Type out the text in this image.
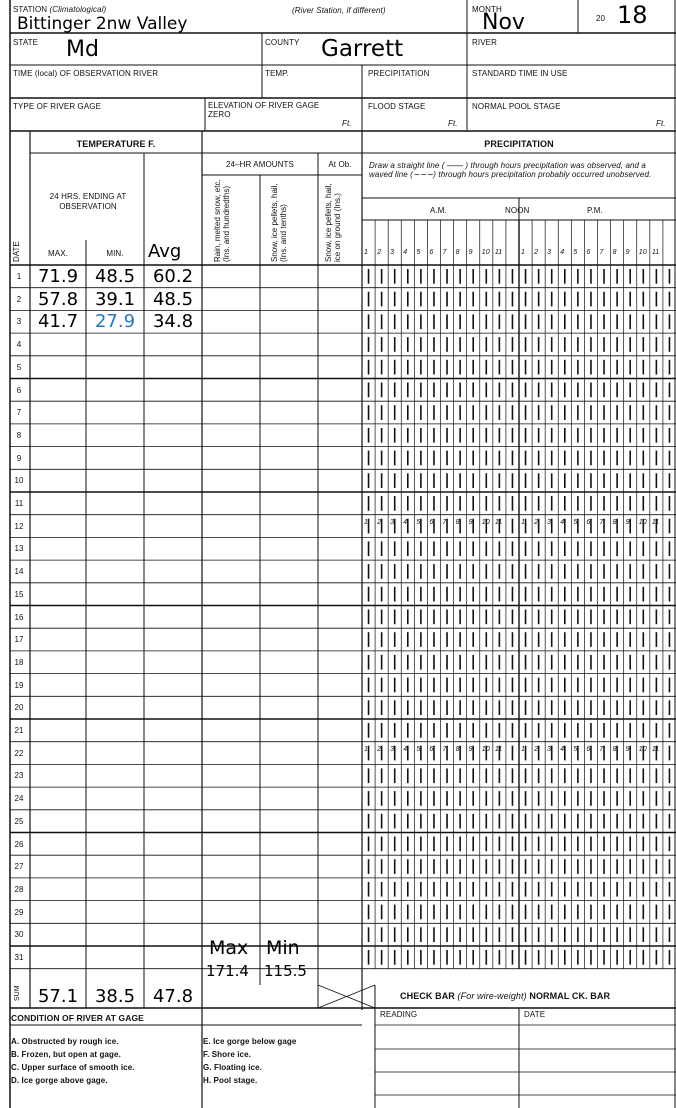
STATION (Climatological)
Bittinger 2nw Valley
(River Station, if different)	MONTH
Nov	20 18
STATE Md	COUNTY Garrett	RIVER
TIME (local) OF OBSERVATION RIVER	TEMP.	PRECIPITATION	STANDARD TIME IN USE
TYPE OF RIVER GAGE	ELEVATION OF RIVER GAGE ZERO
Ft.
FLOOD STAGE
Ft.
NORMAL POOL STAGE
Ft.
TEMPERATURE F.	PRECIPITATION
24 HRS. ENDING AT OBSERVATION
DATE	MAX.	MIN.	Avg
24–HR AMOUNTS	At Ob.
Rain, melted snow, etc. (Ins. and hundredths)	Snow, ice pellets, hail, (Ins. and tenths)	Snow, ice pellets, hail, ice on ground (Ins.)
Draw a straight line ( —— ) through hours precipitation was observed, and a waved line (∼∼∼) through hours precipitation probably occurred unobserved.
A.M.	NOON	P.M.
1 2 3 4 5 6 7 8 9 10 11	1 2 3 4 5 6 7 8 9 10 11
1 2 3 4 5 6 7 8 9 10 11	1 2 3 4 5 6 7 8 9 10 11
1 2 3 4 5 6 7 8 9 10 11	1 2 3 4 5 6 7 8 9 10 11
1 71.9 48.5 60.2
2 57.8 39.1 48.5
3 41.7 27.9 34.8
4
5
6
7
8
9
10
11
12
13
14
15
16
17
18
19
20
21
22
23
24
25
26
27
28
29
30
31	Max Min
171.4 115.5
SUM 57.1 38.5 47.8	CHECK BAR (For wire-weight) NORMAL CK. BAR
READING	DATE
CONDITION OF RIVER AT GAGE
A. Obstructed by rough ice.
B. Frozen, but open at gage.
C. Upper surface of smooth ice.
D. Ice gorge above gage.
E. Ice gorge below gage
F. Shore ice.
G. Floating ice.
H. Pool stage.
